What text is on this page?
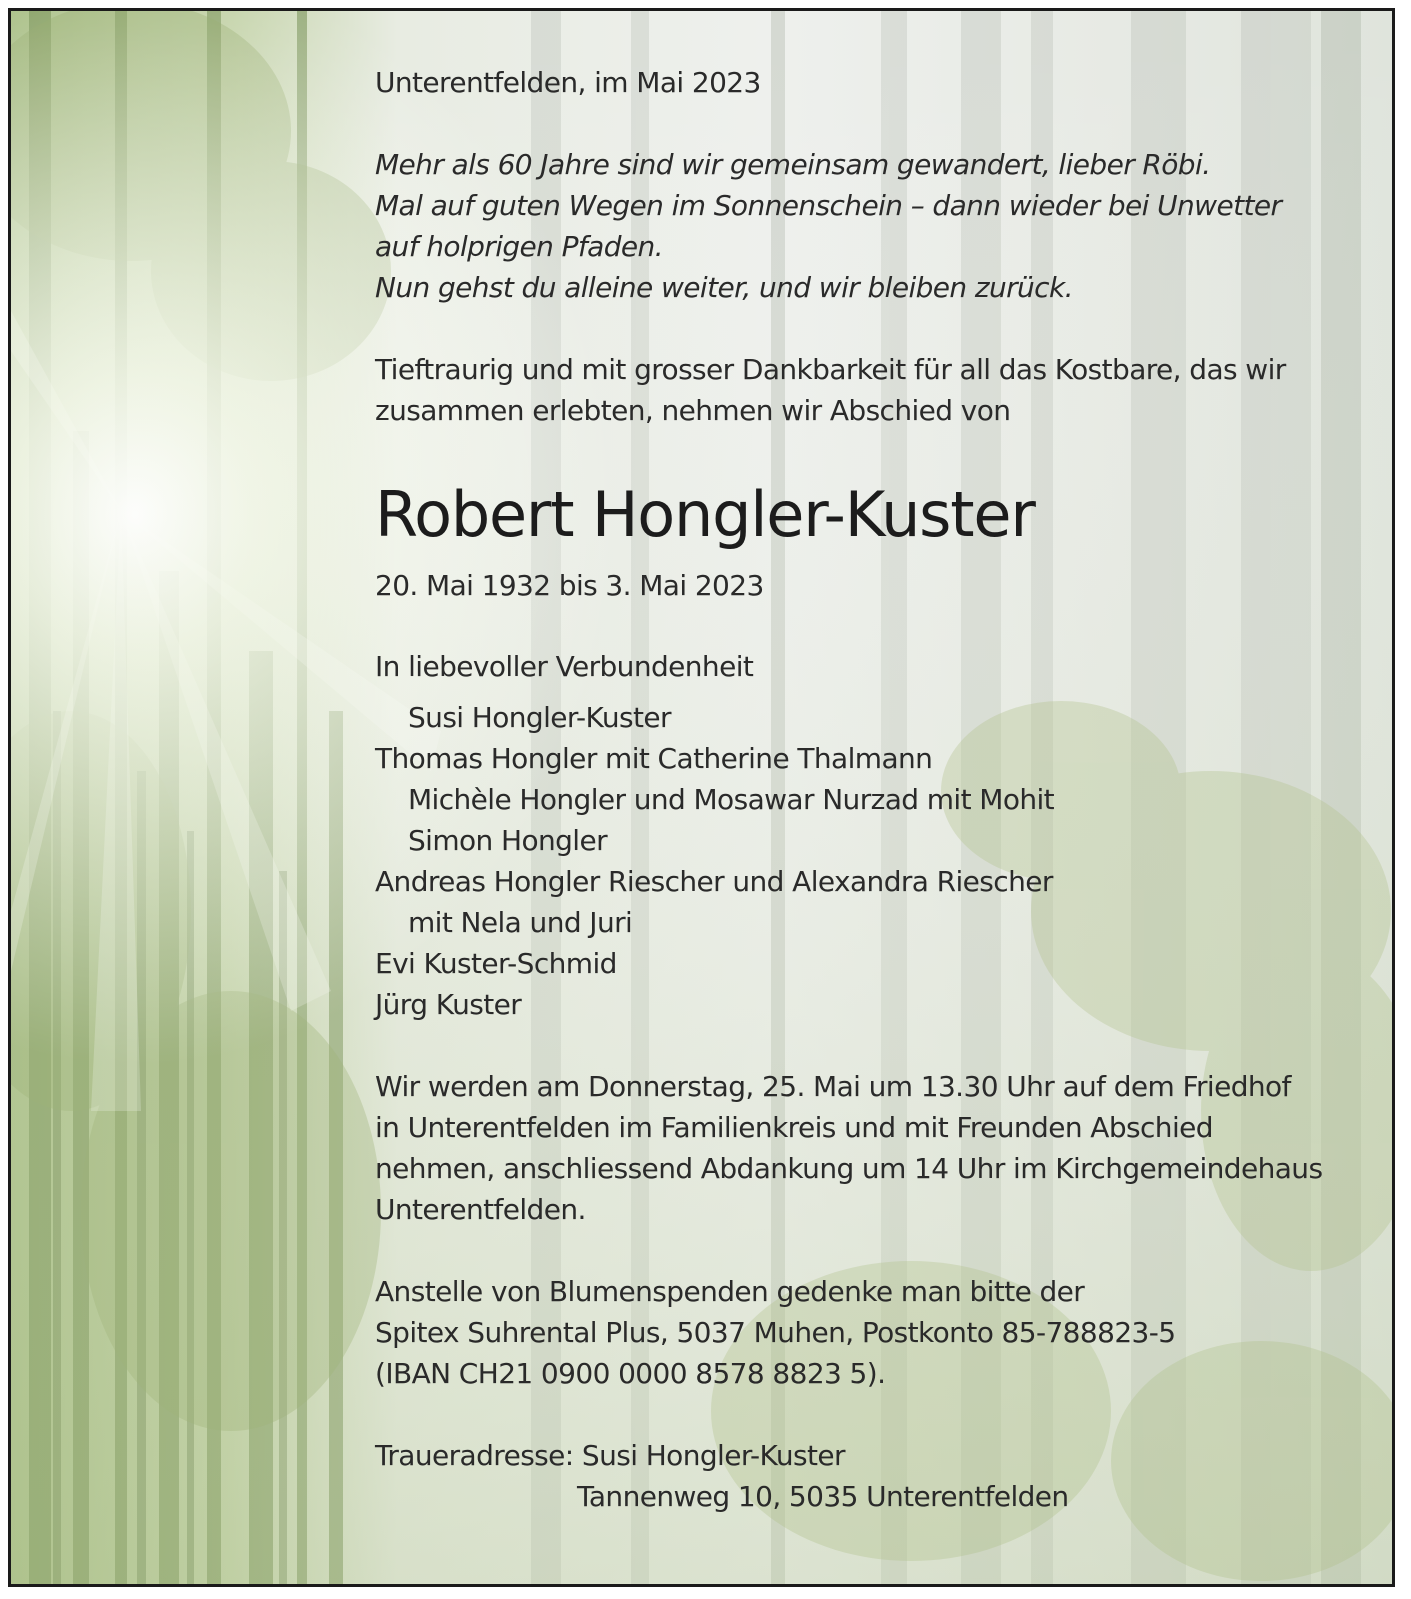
Unterentfelden, im Mai 2023

Mehr als 60 Jahre sind wir gemeinsam gewandert, lieber Röbi.

Mal auf guten Wegen im Sonnenschein – dann wieder bei Unwetter

auf holprigen Pfaden.

Nun gehst du alleine weiter, und wir bleiben zurück.

Tieftraurig und mit grosser Dankbarkeit für all das Kostbare, das wir

zusammen erlebten, nehmen wir Abschied von

Robert Hongler-Kuster

20. Mai 1932 bis 3. Mai 2023

In liebevoller Verbundenheit

Susi Hongler-Kuster

Thomas Hongler mit Catherine Thalmann

Michèle Hongler und Mosawar Nurzad mit Mohit

Simon Hongler

Andreas Hongler Riescher und Alexandra Riescher

mit Nela und Juri

Evi Kuster-Schmid

Jürg Kuster

Wir werden am Donnerstag, 25. Mai um 13.30 Uhr auf dem Friedhof

in Unterentfelden im Familienkreis und mit Freunden Abschied

nehmen, anschliessend Abdankung um 14 Uhr im Kirchgemeindehaus

Unterentfelden.

Anstelle von Blumenspenden gedenke man bitte der

Spitex Suhrental Plus, 5037 Muhen, Postkonto 85-788823-5

(IBAN CH21 0900 0000 8578 8823 5).

Traueradresse: Susi Hongler-Kuster

Tannenweg 10, 5035 Unterentfelden
